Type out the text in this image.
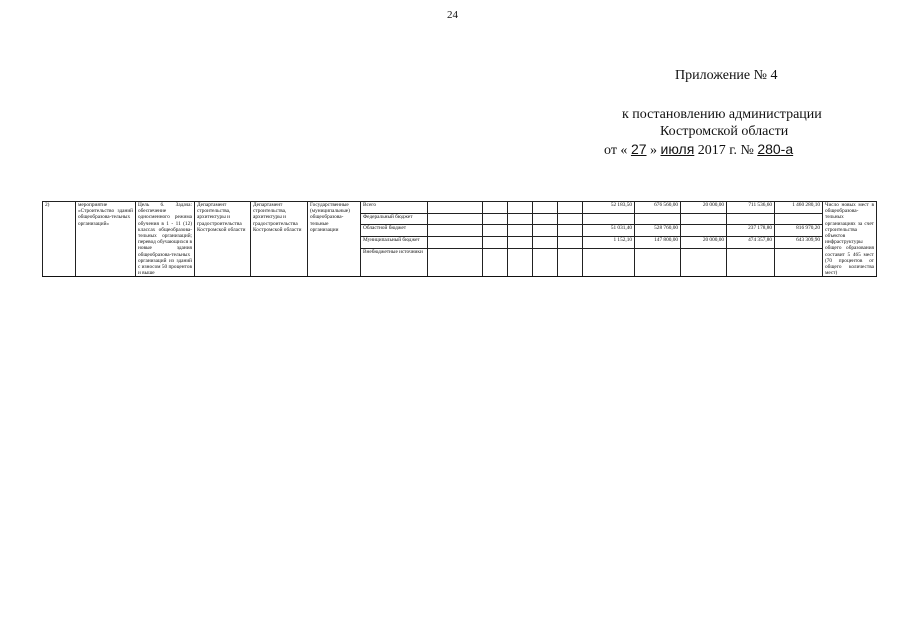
24
Приложение № 4
к постановлению администрации
Костромской области
от « 27 » июля 2017 г. № 280-а
2)	мероприятие «Строительство зданий общеобразова-тельных организаций»	Цель 6. Задача: обеспечение односменного режима обучения в 1 - 11 (12) классах общеобразова-тельных организаций; перевод обучающихся в новые здания общеобразова-тельных организаций из зданий с износом 50 процентов и выше	Департамент строительства, архитектуры и градостроительства Костромской области	Департамент строительства, архитектуры и градостроительства Костромской области	Государственные (муниципальные) общеобразова-тельные организации	Всего						52 183,50	676 560,00	20 000,00	711 536,60	1 460 280,10	Число новых мест в общеобразова-тельных организациях за счет строительства объектов инфраструктуры общего образования составит 5 465 мест (70 процентов от общего количества мест)
						Федеральный бюджет											
						Областной бюджет						51 031,40	528 760,00		237 178,80	816 970,20	
						Муниципальный бюджет						1 152,10	147 800,00	20 000,00	474 357,80	643 309,90	
						Внебюджетные источники											
